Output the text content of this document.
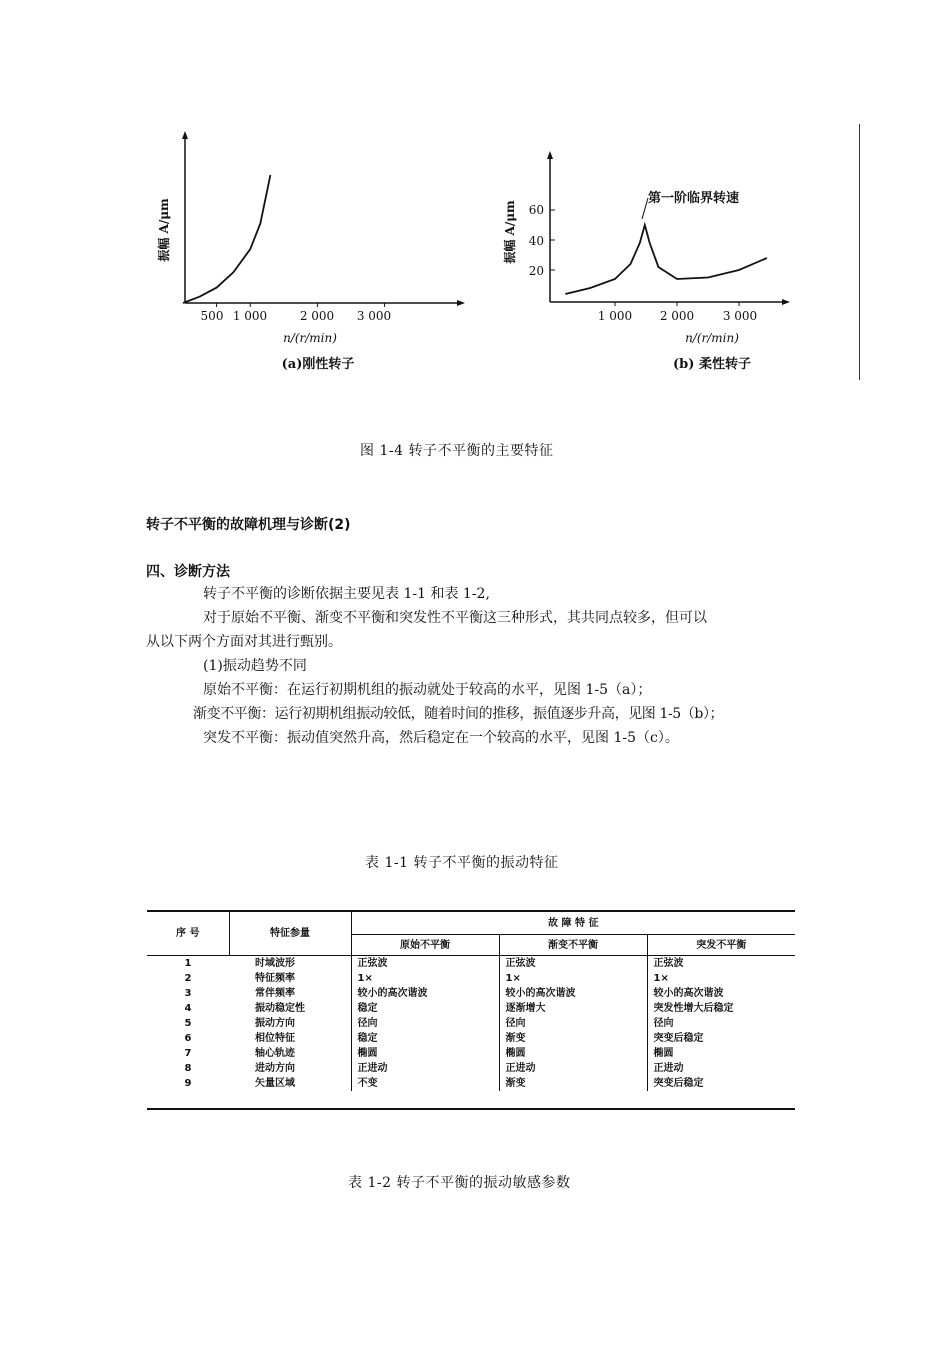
振幅 A/μm
500 1 000	2 000 3 000
n/(r/min)
(a)刚性转子
振幅 A/μm 60
40
20
1 000 2 000 3 000
n/(r/min)
第一阶临界转速
(b) 柔性转子
图 1-4 转子不平衡的主要特征
转子不平衡的故障机理与诊断(2)
四、诊断方法
转子不平衡的诊断依据主要见表 1-1 和表 1-2,
对于原始不平衡、渐变不平衡和突发性不平衡这三种形式，其共同点较多，但可以
从以下两个方面对其进行甄别。
(1)振动趋势不同
原始不平衡：在运行初期机组的振动就处于较高的水平，见图 1-5（a）；
渐变不平衡：运行初期机组振动较低，随着时间的推移，振值逐步升高，见图 1-5（b）；
突发不平衡：振动值突然升高，然后稳定在一个较高的水平，见图 1-5（c）。
表 1-1 转子不平衡的振动特征
序 号	特征参量	故 障 特 征		
		原始不平衡	渐变不平衡	突发不平衡
1	时域波形	正弦波	正弦波	正弦波
2	特征频率	1×	1×	1×
3	常伴频率	较小的高次谐波	较小的高次谐波	较小的高次谐波
4	振动稳定性	稳定	逐渐增大	突发性增大后稳定
5	振动方向	径向	径向	径向
6	相位特征	稳定	渐变	突变后稳定
7	轴心轨迹	椭圆	椭圆	椭圆
8	进动方向	正进动	正进动	正进动
9	矢量区域	不变	渐变	突变后稳定
表 1-2 转子不平衡的振动敏感参数
